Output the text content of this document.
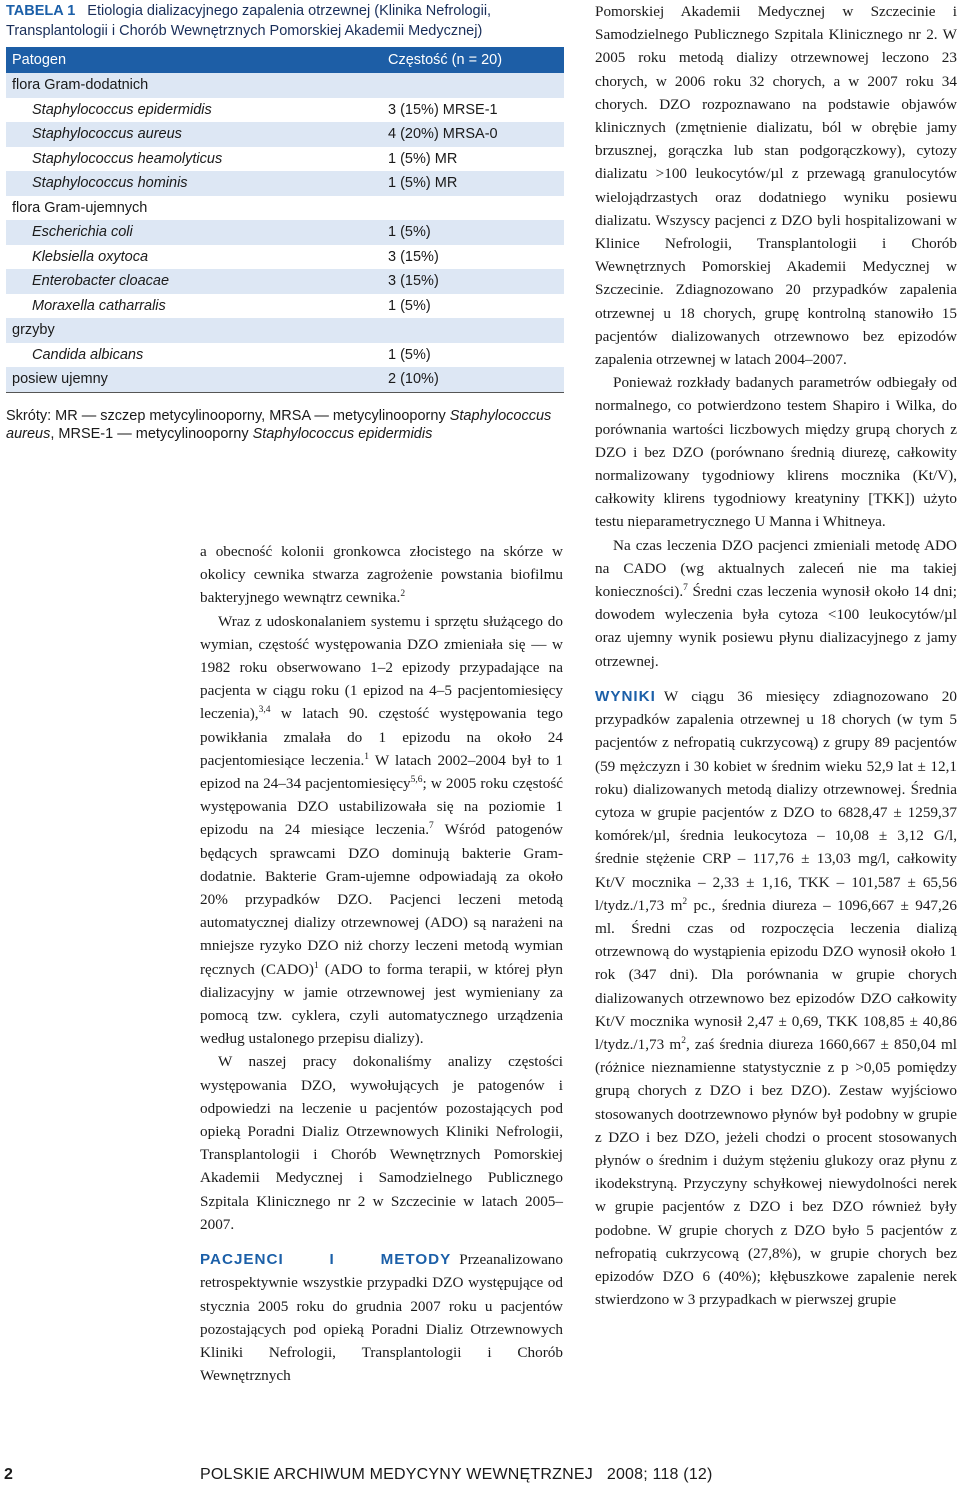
TABELA 1 Etiologia dializacyjnego zapalenia otrzewnej (Klinika Nefrologii, Transplantologii i Chorób Wewnętrznych Pomorskiej Akademii Medycznej)
Patogen	Częstość (n = 20)
flora Gram-dodatnich	
Staphylococcus epidermidis	3 (15%) MRSE-1
Staphylococcus aureus	4 (20%) MRSA-0
Staphylococcus heamolyticus	1 (5%) MR
Staphylococcus hominis	1 (5%) MR
flora Gram-ujemnych	
Escherichia coli	1 (5%)
Klebsiella oxytoca	3 (15%)
Enterobacter cloacae	3 (15%)
Moraxella catharralis	1 (5%)
grzyby	
Candida albicans	1 (5%)
posiew ujemny	2 (10%)
Skróty: MR — szczep metycylinooporny, MRSA — metycylinooporny Staphylococcus aureus, MRSE-1 — metycylinooporny Staphylococcus epidermidis

a obecność kolonii gronkowca złocistego na skórze w okolicy cewnika stwarza zagrożenie powstania biofilmu bakteryjnego wewnątrz cewnika.$^2$

Wraz z udoskonalaniem systemu i sprzętu służącego do wymian, częstość występowania DZO zmieniała się — w 1982 roku obserwowano 1–2 epizody przypadające na pacjenta w ciągu roku (1 epizod na 4–5 pacjentomiesięcy leczenia),$^{3,4}$ w latach 90. częstość występowania tego powikłania zmalała do 1 epizodu na około 24 pacjentomiesiące leczenia.$^1$ W latach 2002–2004 był to 1 epizod na 24–34 pacjentomiesięcy$^{5,6}$; w 2005 roku częstość występowania DZO ustabilizowała się na poziomie 1 epizodu na 24 miesiące leczenia.$^7$ Wśród patogenów będących sprawcami DZO dominują bakterie Gram-dodatnie. Bakterie Gram-ujemne odpowiadają za około 20% przypadków DZO. Pacjenci leczeni metodą automatycznej dializy otrzewnowej (ADO) są narażeni na mniejsze ryzyko DZO niż chorzy leczeni metodą wymian ręcznych (CADO)$^1$ (ADO to forma terapii, w której płyn dializacyjny w jamie otrzewnowej jest wymieniany za pomocą tzw. cyklera, czyli automatycznego urządzenia według ustalonego przepisu dializy).

W naszej pracy dokonaliśmy analizy częstości występowania DZO, wywołujących je patogenów i odpowiedzi na leczenie u pacjentów pozostających pod opieką Poradni Dializ Otrzewnowych Kliniki Nefrologii, Transplantologii i Chorób Wewnętrznych Pomorskiej Akademii Medycznej i Samodzielnego Publicznego Szpitala Klinicznego nr 2 w Szczecinie w latach 2005–2007.

PACJENCI I METODY Przeanalizowano retrospektywnie wszystkie przypadki DZO występujące od stycznia 2005 roku do grudnia 2007 roku u pacjentów pozostających pod opieką Poradni Dializ Otrzewnowych Kliniki Nefrologii, Transplantologii i Chorób Wewnętrznych

Pomorskiej Akademii Medycznej w Szczecinie i Samodzielnego Publicznego Szpitala Klinicznego nr 2. W 2005 roku metodą dializy otrzewnowej leczono 23 chorych, w 2006 roku 32 chorych, a w 2007 roku 34 chorych. DZO rozpoznawano na podstawie objawów klinicznych (zmętnienie dializatu, ból w obrębie jamy brzusznej, gorączka lub stan podgorączkowy), cytozy dializatu >100 leukocytów/µl z przewagą granulocytów wielojądrzastych oraz dodatniego wyniku posiewu dializatu. Wszyscy pacjenci z DZO byli hospitalizowani w Klinice Nefrologii, Transplantologii i Chorób Wewnętrznych Pomorskiej Akademii Medycznej w Szczecinie. Zdiagnozowano 20 przypadków zapalenia otrzewnej u 18 chorych, grupę kontrolną stanowiło 15 pacjentów dializowanych otrzewnowo bez epizodów zapalenia otrzewnej w latach 2004–2007.

Ponieważ rozkłady badanych parametrów odbiegały od normalnego, co potwierdzono testem Shapiro i Wilka, do porównania wartości liczbowych między grupą chorych z DZO i bez DZO (porównano średnią diurezę, całkowity normalizowany tygodniowy klirens mocznika (Kt/V), całkowity klirens tygodniowy kreatyniny [TKK]) użyto testu nieparametrycznego U Manna i Whitneya.

Na czas leczenia DZO pacjenci zmieniali metodę ADO na CADO (wg aktualnych zaleceń nie ma takiej konieczności).$^7$ Średni czas leczenia wynosił około 14 dni; dowodem wyleczenia była cytoza <100 leukocytów/µl oraz ujemny wynik posiewu płynu dializacyjnego z jamy otrzewnej.

WYNIKI W ciągu 36 miesięcy zdiagnozowano 20 przypadków zapalenia otrzewnej u 18 chorych (w tym 5 pacjentów z nefropatią cukrzycową) z grupy 89 pacjentów (59 mężczyzn i 30 kobiet w średnim wieku 52,9 lat ± 12,1 roku) dializowanych metodą dializy otrzewnowej. Średnia cytoza w grupie pacjentów z DZO to 6828,47 ± 1259,37 komórek/µl, średnia leukocytoza – 10,08 ± 3,12 G/l, średnie stężenie CRP – 117,76 ± 13,03 mg/l, całkowity Kt/V mocznika – 2,33 ± 1,16, TKK – 101,587 ± 65,56 l/tydz./1,73 $m^2$ pc., średnia diureza – 1096,667 ± 947,26 ml. Średni czas od rozpoczęcia leczenia dializą otrzewnową do wystąpienia epizodu DZO wynosił około 1 rok (347 dni). Dla porównania w grupie chorych dializowanych otrzewnowo bez epizodów DZO całkowity Kt/V mocznika wynosił 2,47 ± 0,69, TKK 108,85 ± 40,86 l/tydz./1,73 $m^2$, zaś średnia diureza 1660,667 ± 850,04 ml (różnice nieznamienne statystycznie z p >0,05 pomiędzy grupą chorych z DZO i bez DZO). Zestaw wyjściowo stosowanych dootrzewnowo płynów był podobny w grupie z DZO i bez DZO, jeżeli chodzi o procent stosowanych płynów o średnim i dużym stężeniu glukozy oraz płynu z ikodekstryną. Przyczyny schyłkowej niewydolności nerek w grupie pacjentów z DZO i bez DZO również były podobne. W grupie chorych z DZO było 5 pacjentów z nefropatią cukrzycową (27,8%), w grupie chorych bez epizodów DZO 6 (40%); kłębuszkowe zapalenie nerek stwierdzono w 3 przypadkach w pierwszej grupie

2	POLSKIE ARCHIWUM MEDYCYNY WEWNĘTRZNEJ   2008; 118 (12)
